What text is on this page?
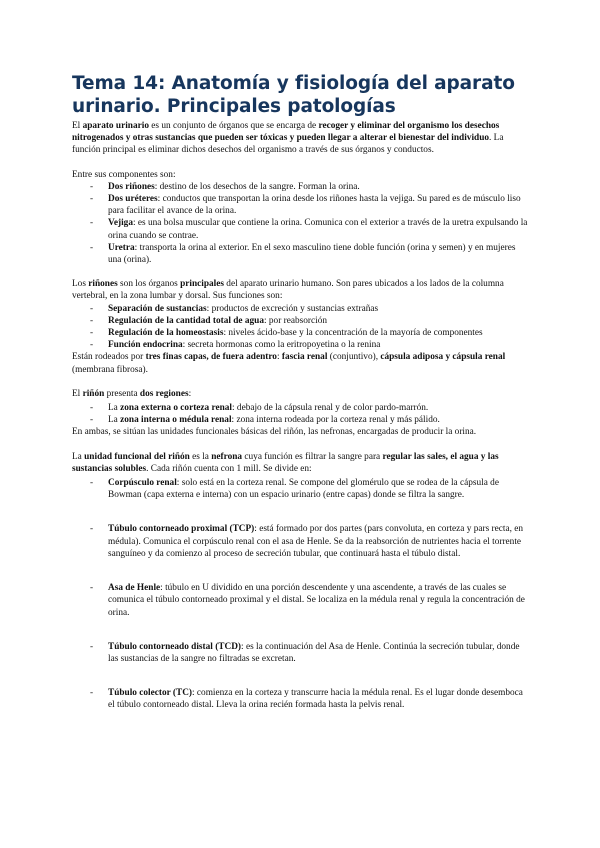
Tema 14: Anatomía y fisiología del aparato urinario. Principales patologías

El aparato urinario es un conjunto de órganos que se encarga de recoger y eliminar del organismo los desechos nitrogenados y otras sustancias que pueden ser tóxicas y pueden llegar a alterar el bienestar del individuo. La función principal es eliminar dichos desechos del organismo a través de sus órganos y conductos.

Entre sus componentes son:

- Dos riñones: destino de los desechos de la sangre. Forman la orina.
- Dos uréteres: conductos que transportan la orina desde los riñones hasta la vejiga. Su pared es de músculo liso para facilitar el avance de la orina.
- Vejiga: es una bolsa muscular que contiene la orina. Comunica con el exterior a través de la uretra expulsando la orina cuando se contrae.
- Uretra: transporta la orina al exterior. En el sexo masculino tiene doble función (orina y semen) y en mujeres una (orina).

Los riñones son los órganos principales del aparato urinario humano. Son pares ubicados a los lados de la columna vertebral, en la zona lumbar y dorsal. Sus funciones son:

- Separación de sustancias: productos de excreción y sustancias extrañas
- Regulación de la cantidad total de agua: por reabsorción
- Regulación de la homeostasis: niveles ácido-base y la concentración de la mayoría de componentes
- Función endocrina: secreta hormonas como la eritropoyetina o la renina

Están rodeados por tres finas capas, de fuera adentro: fascia renal (conjuntivo), cápsula adiposa y cápsula renal (membrana fibrosa).

El riñón presenta dos regiones:

- La zona externa o corteza renal: debajo de la cápsula renal y de color pardo-marrón.
- La zona interna o médula renal: zona interna rodeada por la corteza renal y más pálido.

En ambas, se sitúan las unidades funcionales básicas del riñón, las nefronas, encargadas de producir la orina.

La unidad funcional del riñón es la nefrona cuya función es filtrar la sangre para regular las sales, el agua y las sustancias solubles. Cada riñón cuenta con 1 mill. Se divide en:

- Corpúsculo renal: solo está en la corteza renal. Se compone del glomérulo que se rodea de la cápsula de Bowman (capa externa e interna) con un espacio urinario (entre capas) donde se filtra la sangre.
- Túbulo contorneado proximal (TCP): está formado por dos partes (pars convoluta, en corteza y pars recta, en médula). Comunica el corpúsculo renal con el asa de Henle. Se da la reabsorción de nutrientes hacia el torrente sanguíneo y da comienzo al proceso de secreción tubular, que continuará hasta el túbulo distal.
- Asa de Henle: túbulo en U dividido en una porción descendente y una ascendente, a través de las cuales se comunica el túbulo contorneado proximal y el distal. Se localiza en la médula renal y regula la concentración de orina.
- Túbulo contorneado distal (TCD): es la continuación del Asa de Henle. Continúa la secreción tubular, donde las sustancias de la sangre no filtradas se excretan.
- Túbulo colector (TC): comienza en la corteza y transcurre hacia la médula renal. Es el lugar donde desemboca el túbulo contorneado distal. Lleva la orina recién formada hasta la pelvis renal.
